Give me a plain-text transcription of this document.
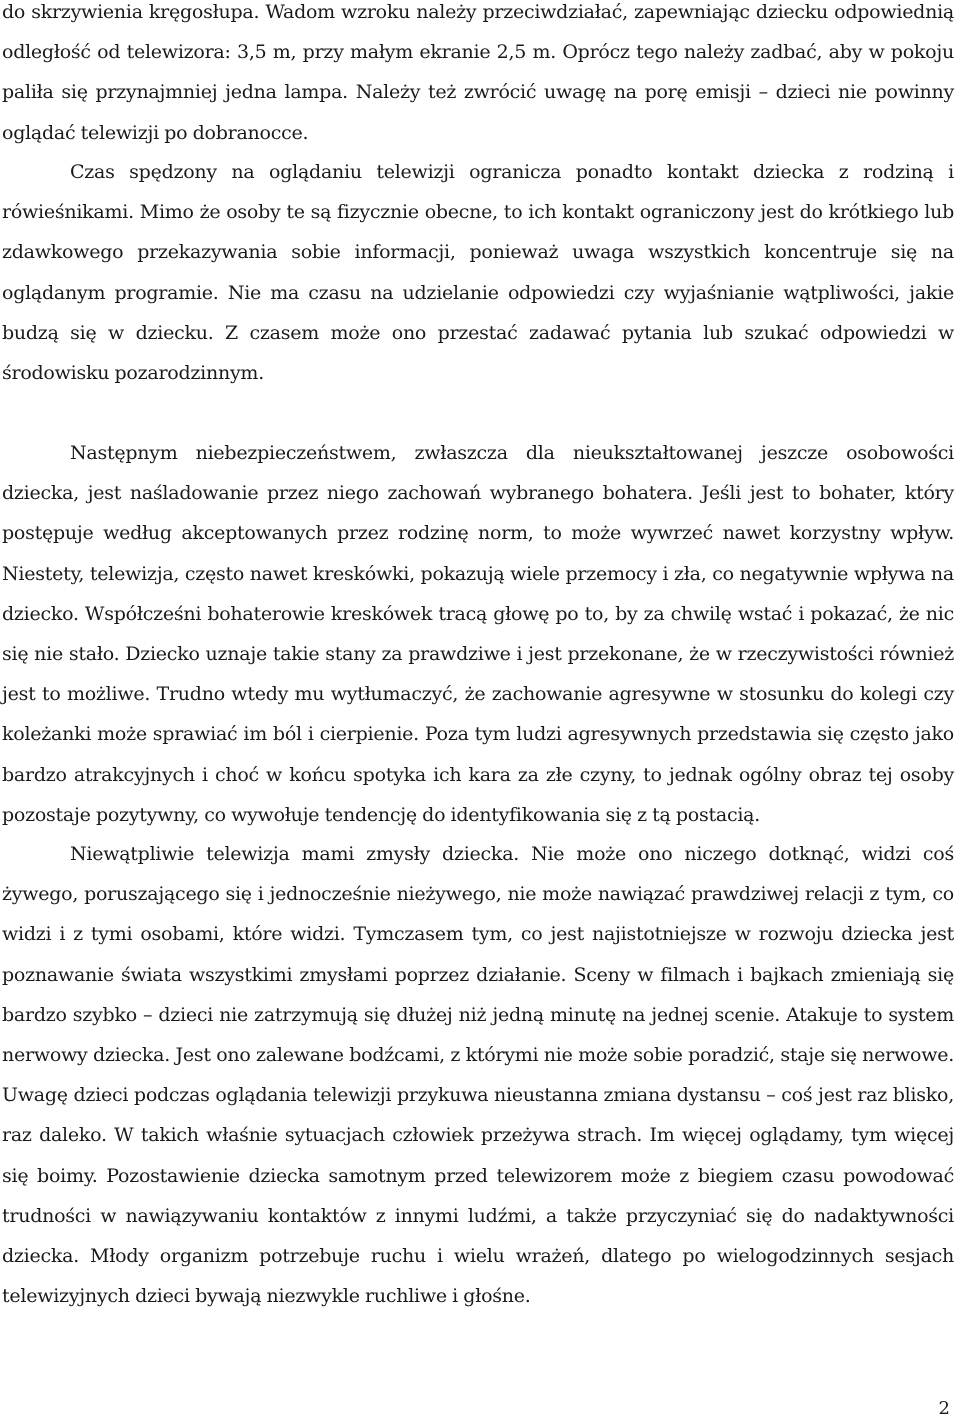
do skrzywienia kręgosłupa. Wadom wzroku należy przeciwdziałać, zapewniając dziecku odpowiednią odległość od telewizora: 3,5 m, przy małym ekranie 2,5 m. Oprócz tego należy zadbać, aby w pokoju paliła się przynajmniej jedna lampa. Należy też zwrócić uwagę na porę emisji – dzieci nie powinny oglądać telewizji po dobranocce.

Czas spędzony na oglądaniu telewizji ogranicza ponadto kontakt dziecka z rodziną i rówieśnikami. Mimo że osoby te są fizycznie obecne, to ich kontakt ograniczony jest do krótkiego lub zdawkowego przekazywania sobie informacji, ponieważ uwaga wszystkich koncentruje się na oglądanym programie. Nie ma czasu na udzielanie odpowiedzi czy wyjaśnianie wątpliwości, jakie budzą się w dziecku. Z czasem może ono przestać zadawać pytania lub szukać odpowiedzi w środowisku pozarodzinnym.

Następnym niebezpieczeństwem, zwłaszcza dla nieukształtowanej jeszcze osobowości dziecka, jest naśladowanie przez niego zachowań wybranego bohatera. Jeśli jest to bohater, który postępuje według akceptowanych przez rodzinę norm, to może wywrzeć nawet korzystny wpływ. Niestety, telewizja, często nawet kreskówki, pokazują wiele przemocy i zła, co negatywnie wpływa na dziecko. Współcześni bohaterowie kreskówek tracą głowę po to, by za chwilę wstać i pokazać, że nic się nie stało. Dziecko uznaje takie stany za prawdziwe i jest przekonane, że w rzeczywistości również jest to możliwe. Trudno wtedy mu wytłumaczyć, że zachowanie agresywne w stosunku do kolegi czy koleżanki może sprawiać im ból i cierpienie. Poza tym ludzi agresywnych przedstawia się często jako bardzo atrakcyjnych i choć w końcu spotyka ich kara za złe czyny, to jednak ogólny obraz tej osoby pozostaje pozytywny, co wywołuje tendencję do identyfikowania się z tą postacią.

Niewątpliwie telewizja mami zmysły dziecka. Nie może ono niczego dotknąć, widzi coś żywego, poruszającego się i jednocześnie nieżywego, nie może nawiązać prawdziwej relacji z tym, co widzi i z tymi osobami, które widzi. Tymczasem tym, co jest najistotniejsze w rozwoju dziecka jest poznawanie świata wszystkimi zmysłami poprzez działanie. Sceny w filmach i bajkach zmieniają się bardzo szybko – dzieci nie zatrzymują się dłużej niż jedną minutę na jednej scenie. Atakuje to system nerwowy dziecka. Jest ono zalewane bodźcami, z którymi nie może sobie poradzić, staje się nerwowe. Uwagę dzieci podczas oglądania telewizji przykuwa nieustanna zmiana dystansu – coś jest raz blisko, raz daleko. W takich właśnie sytuacjach człowiek przeżywa strach. Im więcej oglądamy, tym więcej się boimy. Pozostawienie dziecka samotnym przed telewizorem może z biegiem czasu powodować trudności w nawiązywaniu kontaktów z innymi ludźmi, a także przyczyniać się do nadaktywności dziecka. Młody organizm potrzebuje ruchu i wielu wrażeń, dlatego po wielogodzinnych sesjach telewizyjnych dzieci bywają niezwykle ruchliwe i głośne.

2
